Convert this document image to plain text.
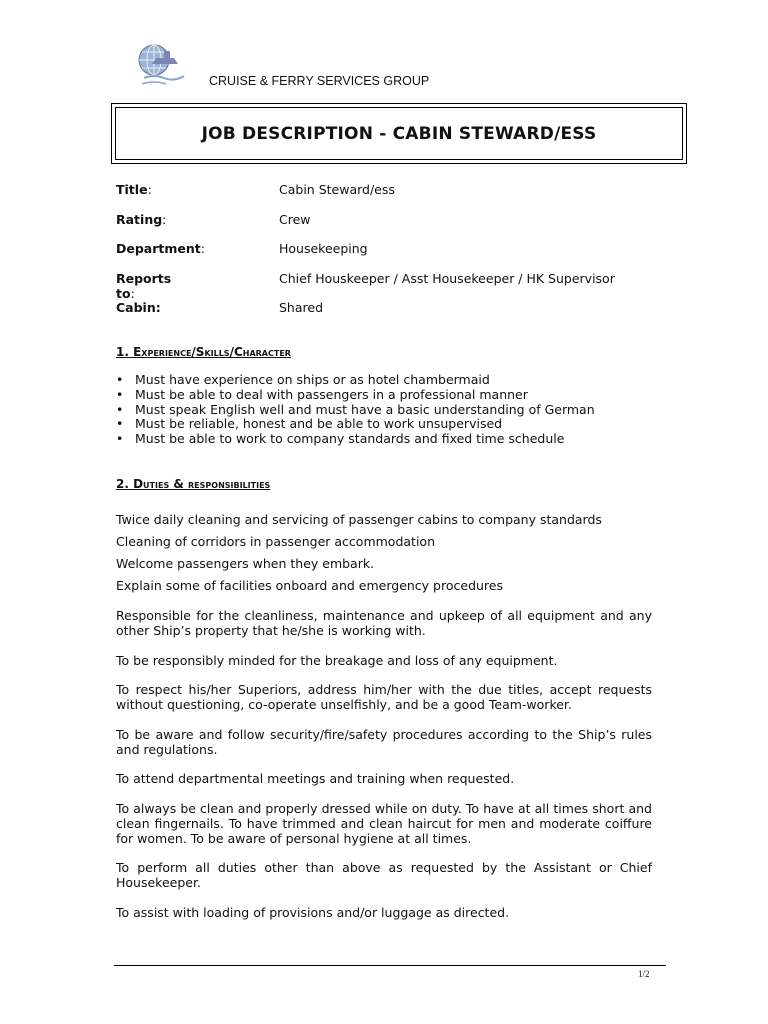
CRUISE & FERRY SERVICES GROUP
JOB DESCRIPTION - CABIN STEWARD/ESS
Title:	Cabin Steward/ess
Rating:	Crew
Department:	Housekeeping
Reports to:
Chief Houskeeper / Asst Housekeeper / HK Supervisor
Cabin:	Shared
1. Experience/Skills/Character
• Must have experience on ships or as hotel chambermaid
• Must be able to deal with passengers in a professional manner
• Must speak English well and must have a basic understanding of German
• Must be reliable, honest and be able to work unsupervised
• Must be able to work to company standards and fixed time schedule
2. Duties & responsibilities

Twice daily cleaning and servicing of passenger cabins to company standards

Cleaning of corridors in passenger accommodation

Welcome passengers when they embark.

Explain some of facilities onboard and emergency procedures

Responsible for the cleanliness, maintenance and upkeep of all equipment and any other Ship’s property that he/she is working with.

To be responsibly minded for the breakage and loss of any equipment.

To respect his/her Superiors, address him/her with the due titles, accept requests without questioning, co-operate unselfishly, and be a good Team-worker.

To be aware and follow security/fire/safety procedures according to the Ship’s rules and regulations.

To attend departmental meetings and training when requested.

To always be clean and properly dressed while on duty. To have at all times short and clean fingernails. To have trimmed and clean haircut for men and moderate coiffure for women. To be aware of personal hygiene at all times.

To perform all duties other than above as requested by the Assistant or Chief Housekeeper.

To assist with loading of provisions and/or luggage as directed.

1/2
